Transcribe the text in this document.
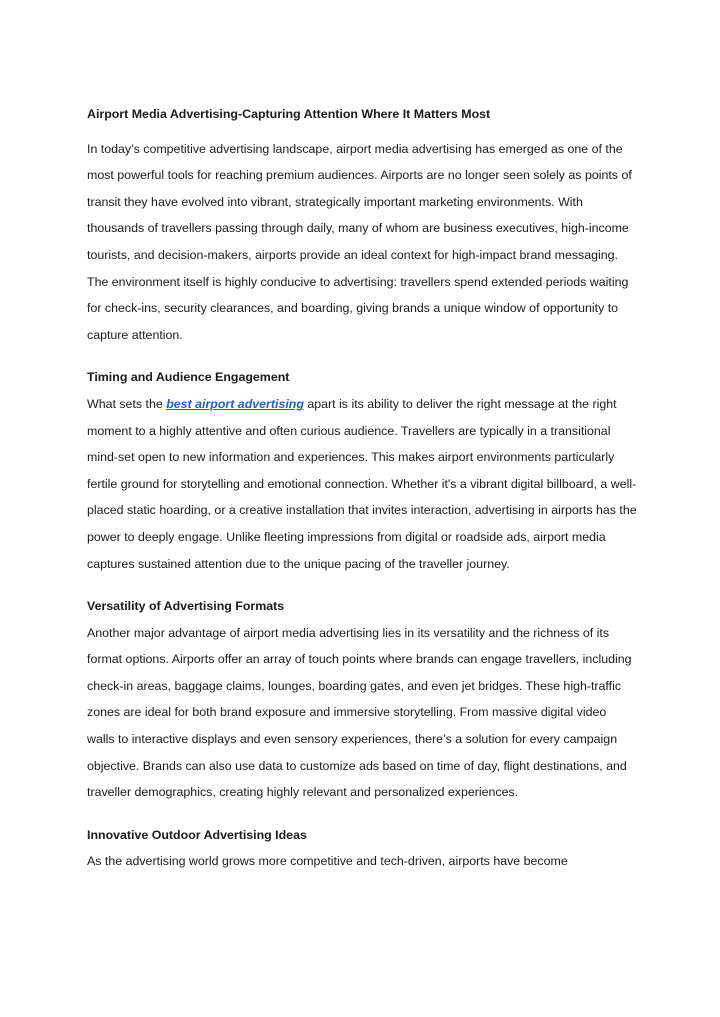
Airport Media Advertising-Capturing Attention Where It Matters Most

In today’s competitive advertising landscape, airport media advertising has emerged as one of the most powerful tools for reaching premium audiences. Airports are no longer seen solely as points of transit they have evolved into vibrant, strategically important marketing environments. With thousands of travellers passing through daily, many of whom are business executives, high-income tourists, and decision-makers, airports provide an ideal context for high-impact brand messaging. The environment itself is highly conducive to advertising: travellers spend extended periods waiting for check-ins, security clearances, and boarding, giving brands a unique window of opportunity to capture attention.

Timing and Audience Engagement

What sets the best airport advertising apart is its ability to deliver the right message at the right moment to a highly attentive and often curious audience. Travellers are typically in a transitional mind-set open to new information and experiences. This makes airport environments particularly fertile ground for storytelling and emotional connection. Whether it's a vibrant digital billboard, a well-placed static hoarding, or a creative installation that invites interaction, advertising in airports has the power to deeply engage. Unlike fleeting impressions from digital or roadside ads, airport media captures sustained attention due to the unique pacing of the traveller journey.

Versatility of Advertising Formats

Another major advantage of airport media advertising lies in its versatility and the richness of its format options. Airports offer an array of touch points where brands can engage travellers, including check-in areas, baggage claims, lounges, boarding gates, and even jet bridges. These high-traffic zones are ideal for both brand exposure and immersive storytelling. From massive digital video walls to interactive displays and even sensory experiences, there’s a solution for every campaign objective. Brands can also use data to customize ads based on time of day, flight destinations, and traveller demographics, creating highly relevant and personalized experiences.

Innovative Outdoor Advertising Ideas

As the advertising world grows more competitive and tech-driven, airports have become
